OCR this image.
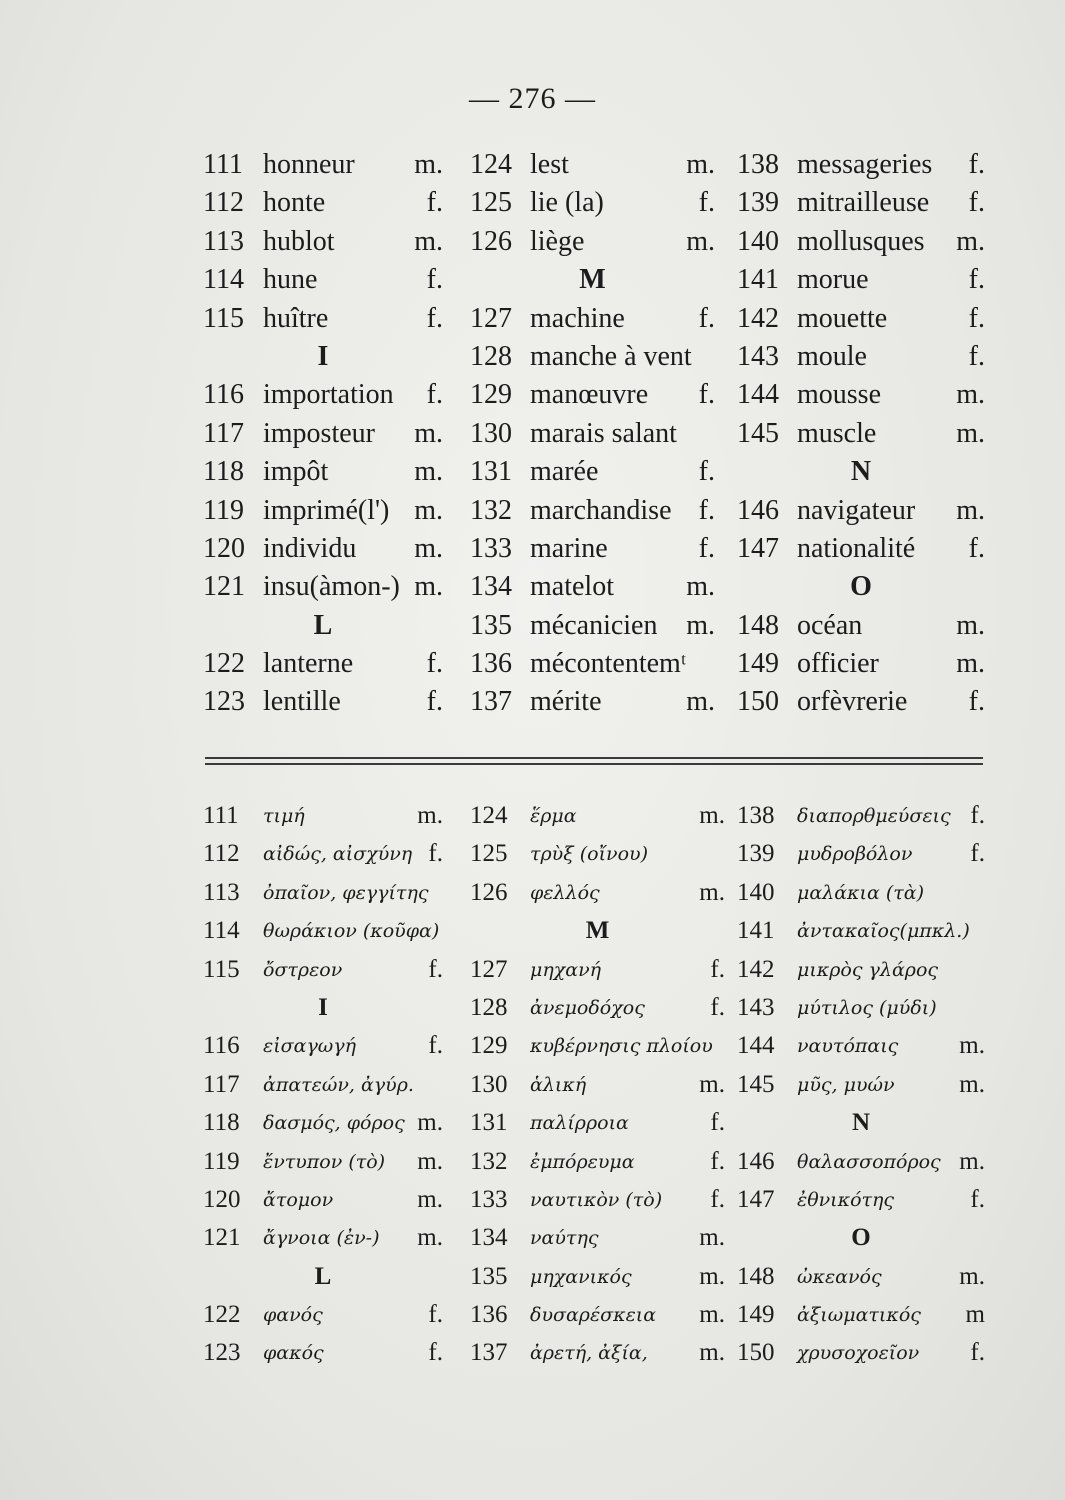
— 276 —
111 honneur m.
112 honte	f.
113 hublot	m.
114 hune	f.
115 huître	f.
I
116 importation f.
117 imposteur m.
118 impôt	m.
119 imprimé(l') m.
120 individu m.
121 insu(àmon-) m.
L
122 lanterne	f.
123 lentille	f.
124 lest	m.
125 lie (la)	f.
126 liège	m.
M
127 machine	f.
128 manche à vent
129 manœuvre f.
130 marais salant
131 marée	f.
132 marchandise f.
133 marine	f.
134 matelot	m.
135 mécanicien m.
136 mécontentemᵗ
137 mérite	m.
138 messageries f.
139 mitrailleuse f.
140 mollusques m.
141 morue	f.
142 mouette	f.
143 moule	f.
144 mousse	m.
145 muscle	m.
N
146 navigateur m.
147 nationalité f.
O
148 océan	m.
149 officier	m.
150 orfèvrerie f.
111 τιμή	m.
112 αἰδώς, αἰσχύνη f.
113 ὀπαῖον, φεγγίτης
114 θωράκιον (κοῦφα)
115 ὄστρεον	f.
I
116 εἰσαγωγή	f.
117 ἀπατεών, ἀγύρ.
118 δασμός, φόρος m.
119 ἔντυπον (τὸ) m.
120 ἄτομον	m.
121 ἄγνοια (ἐν-) m.
L
122 φανός	f.
123 φακός	f.
124 ἕρμα	m.
125 τρὺξ (οἴνου)
126 φελλός	m.
M
127 μηχανή	f.
128 ἀνεμοδόχος	f.
129 κυβέρνησις πλοίου
130 ἁλική	m.
131 παλίρροια	f.
132 ἐμπόρευμα	f.
133 ναυτικὸν (τὸ) f.
134 ναύτης	m.
135 μηχανικός	m.
136 δυσαρέσκεια m.
137 ἀρετή, ἀξία, m.
138 διαπορθμεύσεις f.
139 μυδροβόλον f.
140 μαλάκια (τὰ)
141 ἀντακαῖος(μπκλ.)
142 μικρὸς γλάρος
143 μύτιλος (μύδι)
144 ναυτόπαις m.
145 μῦς, μυών	m.
N
146 θαλασσοπόρος m.
147 ἐθνικότης	f.
O
148 ὠκεανός	m.
149 ἀξιωματικός m
150 χρυσοχοεῖον f.
